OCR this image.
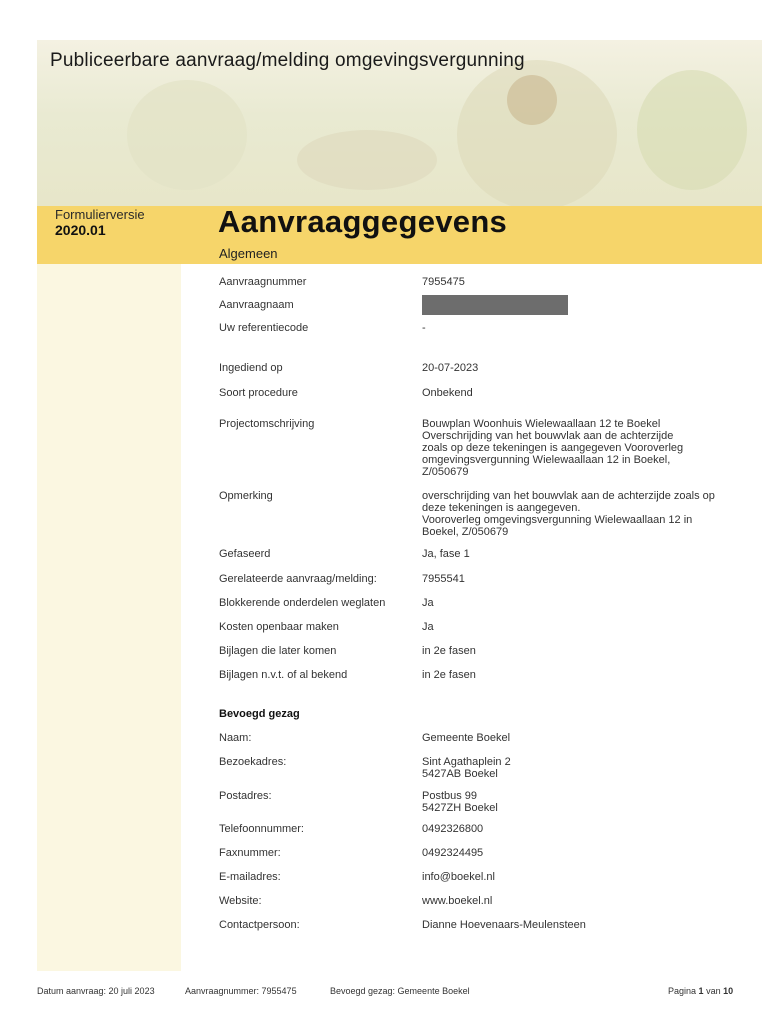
Publiceerbare aanvraag/melding omgevingsvergunning
Formulierversie
2020.01	Aanvraaggegevens
Algemeen
Aanvraagnummer	7955475
Aanvraagnaam
Uw referentiecode	-
Ingediend op	20-07-2023
Soort procedure	Onbekend
Projectomschrijving	Bouwplan Woonhuis Wielewaallaan 12 te Boekel
Overschrijding van het bouwvlak aan de achterzijde
zoals op deze tekeningen is aangegeven Vooroverleg
omgevingsvergunning Wielewaallaan 12 in Boekel,
Z/050679
Opmerking	overschrijding van het bouwvlak aan de achterzijde zoals op
deze tekeningen is aangegeven.
Vooroverleg omgevingsvergunning Wielewaallaan 12 in
Boekel, Z/050679
Gefaseerd	Ja, fase 1
Gerelateerde aanvraag/melding:	7955541
Blokkerende onderdelen weglaten	Ja
Kosten openbaar maken	Ja
Bijlagen die later komen	in 2e fasen
Bijlagen n.v.t. of al bekend	in 2e fasen
Bevoegd gezag
Naam:	Gemeente Boekel
Bezoekadres:	Sint Agathaplein 2
5427AB Boekel
Postadres:	Postbus 99
5427ZH Boekel
Telefoonnummer:	0492326800
Faxnummer:	0492324495
E-mailadres:	info@boekel.nl
Website:	www.boekel.nl
Contactpersoon:	Dianne Hoevenaars-Meulensteen
Datum aanvraag: 20 juli 2023	Aanvraagnummer: 7955475	Bevoegd gezag: Gemeente Boekel	Pagina 1 van 10
